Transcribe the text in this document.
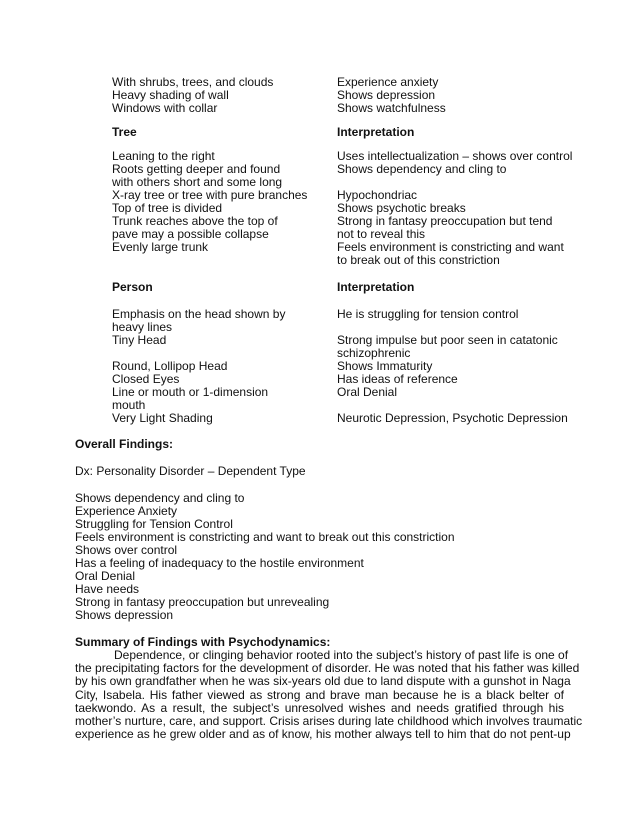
With shrubs, trees, and clouds
Heavy shading of wall
Windows with collar
Experience anxiety
Shows depression
Shows watchfulness
Tree	Interpretation
Leaning to the right
Roots getting deeper and found
with others short and some long
X-ray tree or tree with pure branches
Top of tree is divided
Trunk reaches above the top of
pave may a possible collapse
Evenly large trunk
Uses intellectualization – shows over control
Shows dependency and cling to
Hypochondriac
Shows psychotic breaks
Strong in fantasy preoccupation but tend
not to reveal this
Feels environment is constricting and want
to break out of this constriction
Person	Interpretation
Emphasis on the head shown by
heavy lines
Tiny Head
Round, Lollipop Head
Closed Eyes
Line or mouth or 1-dimension
mouth
Very Light Shading
He is struggling for tension control
Strong impulse but poor seen in catatonic
schizophrenic
Shows Immaturity
Has ideas of reference
Oral Denial
Neurotic Depression, Psychotic Depression
Overall Findings:
Dx: Personality Disorder – Dependent Type
Shows dependency and cling to
Experience Anxiety
Struggling for Tension Control
Feels environment is constricting and want to break out this constriction
Shows over control
Has a feeling of inadequacy to the hostile environment
Oral Denial
Have needs
Strong in fantasy preoccupation but unrevealing
Shows depression
Summary of Findings with Psychodynamics:
Dependence, or clinging behavior rooted into the subject’s history of past life is one of
the precipitating factors for the development of disorder. He was noted that his father was killed
by his own grandfather when he was six-years old due to land dispute with a gunshot in Naga
City, Isabela. His father viewed as strong and brave man because he is a black belter of
taekwondo. As a result, the subject’s unresolved wishes and needs gratified through his
mother’s nurture, care, and support. Crisis arises during late childhood which involves traumatic
experience as he grew older and as of know, his mother always tell to him that do not pent-up
